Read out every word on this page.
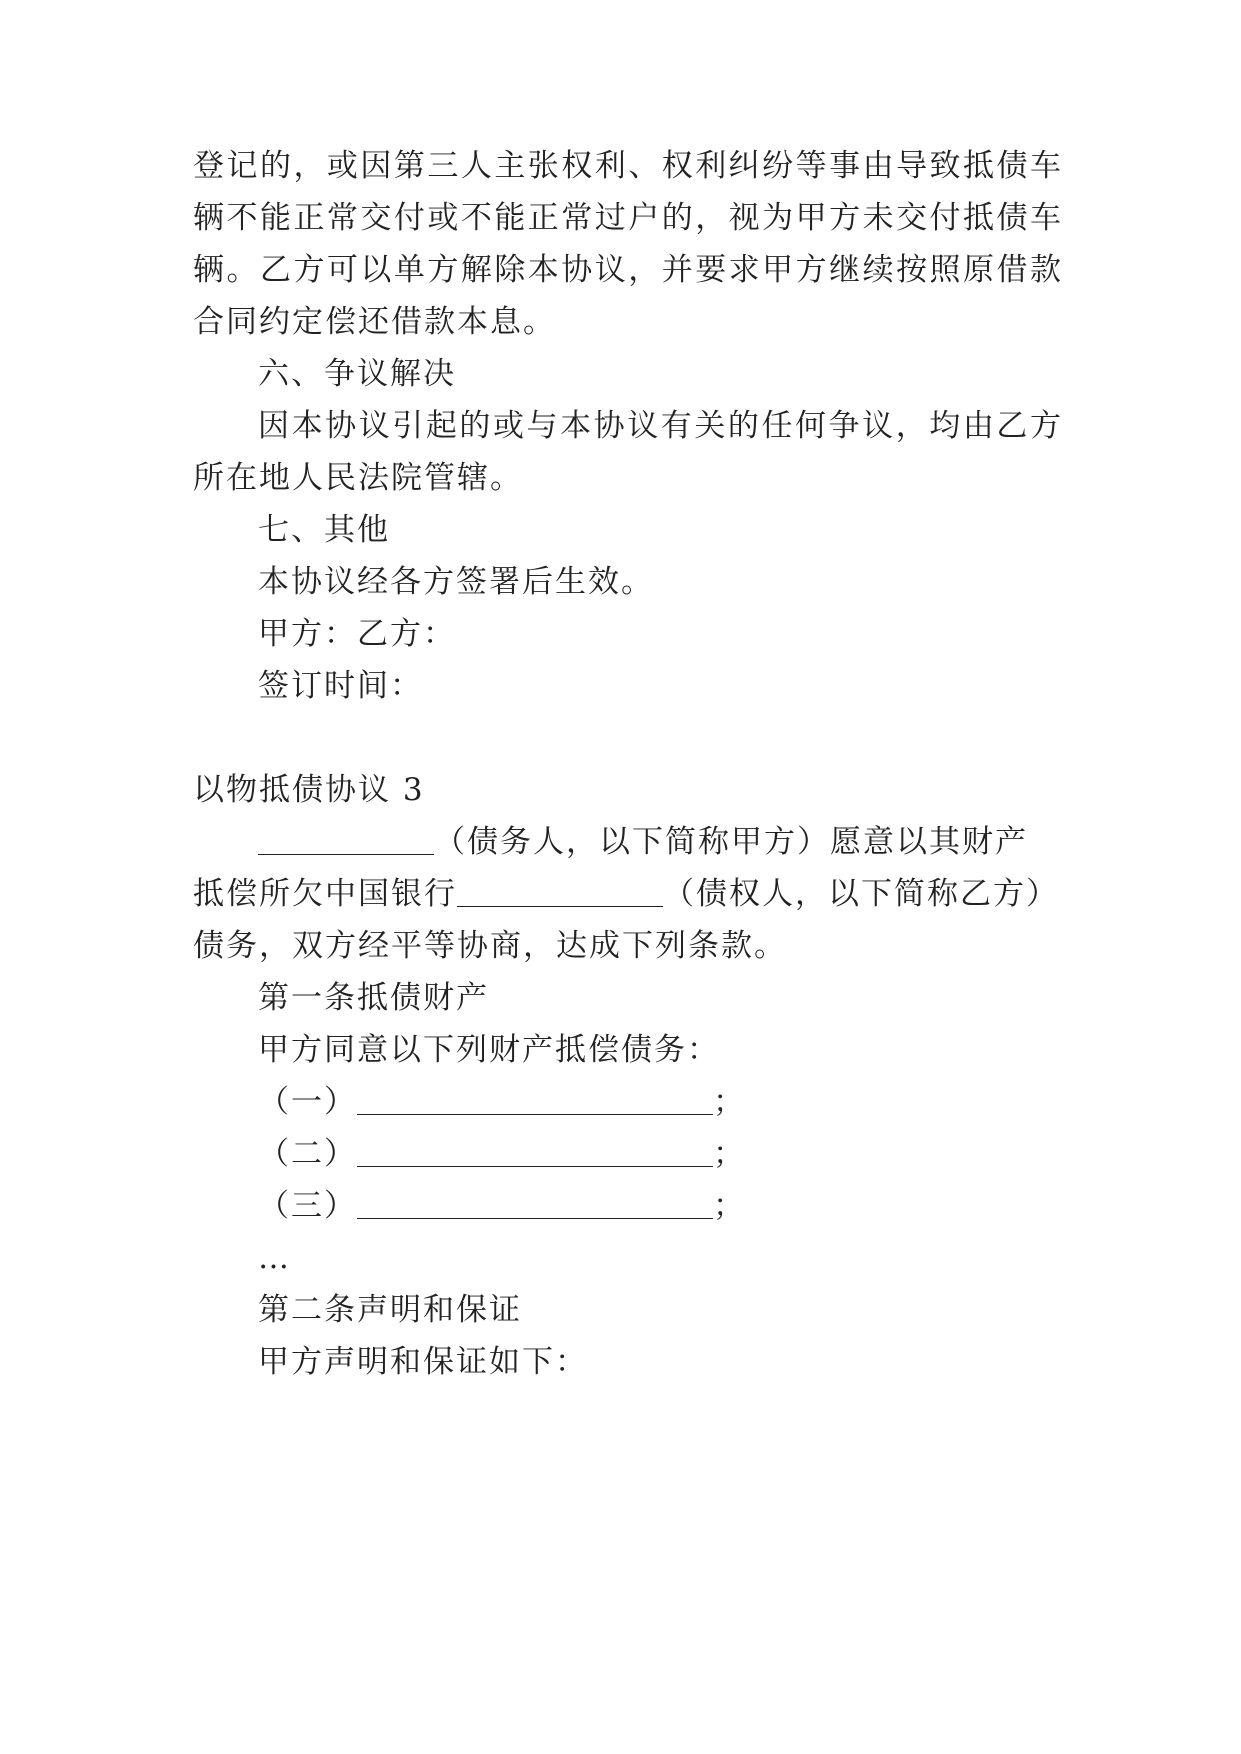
登记的，或因第三人主张权利、权利纠纷等事由导致抵债车
辆不能正常交付或不能正常过户的，视为甲方未交付抵债车
辆。乙方可以单方解除本协议，并要求甲方继续按照原借款
合同约定偿还借款本息。
六、争议解决
因本协议引起的或与本协议有关的任何争议，均由乙方
所在地人民法院管辖。
七、其他
本协议经各方签署后生效。
甲方：乙方：
签订时间：
以物抵债协议 3
（债务人，以下简称甲方）愿意以其财产
抵偿所欠中国银行	（债权人，以下简称乙方）
债务，双方经平等协商，达成下列条款。
第一条抵债财产
甲方同意以下列财产抵偿债务：
（一）	；
（二）	；
（三）	；
…
第二条声明和保证
甲方声明和保证如下：
